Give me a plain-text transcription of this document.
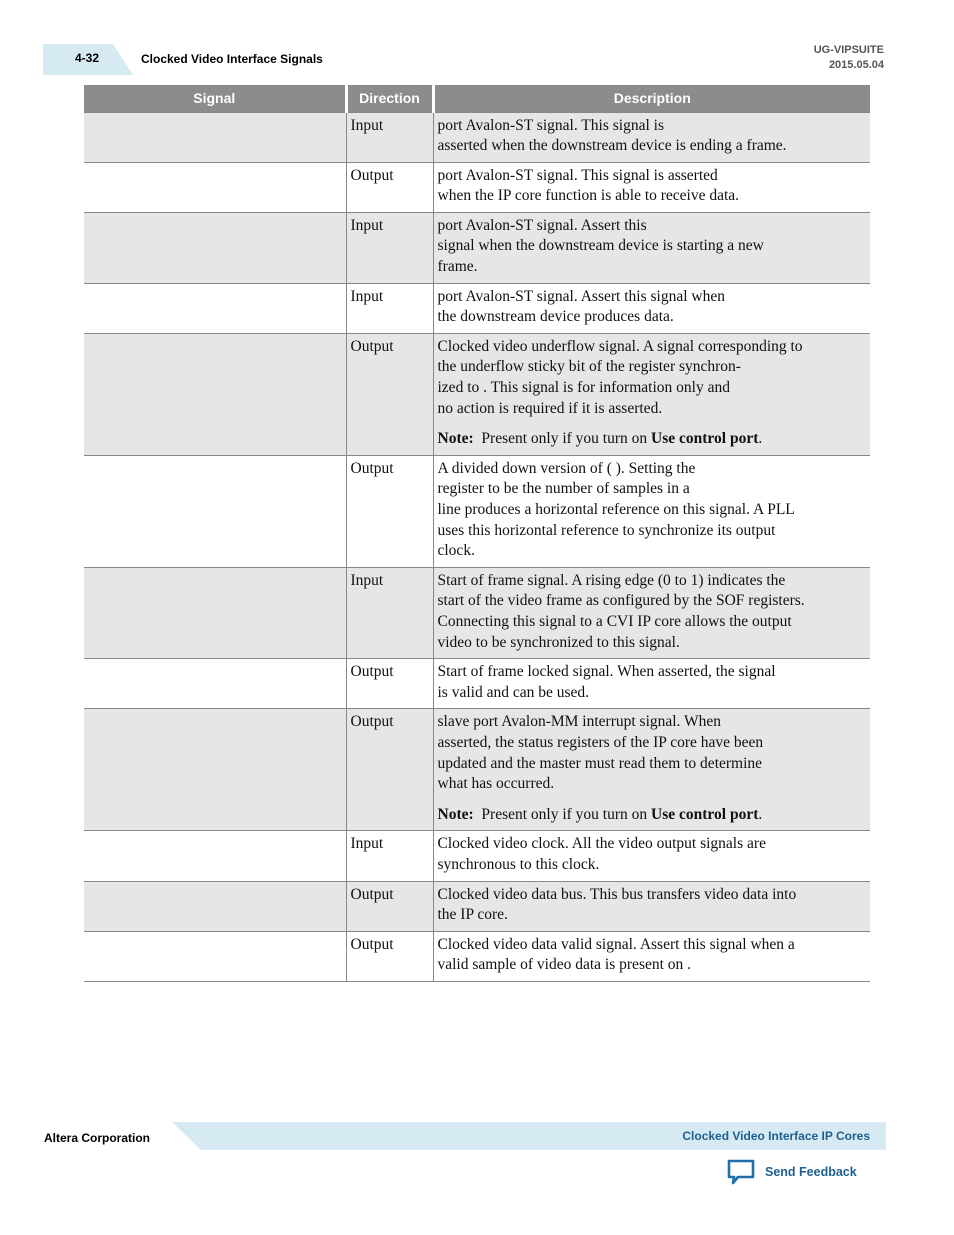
4-32	Clocked Video Interface Signals
UG-VIPSUITE
2015.05.04
Signal	Direction	Description
	Input	port Avalon-ST signal. This signal is
asserted when the downstream device is ending a frame.

	Output	port Avalon-ST signal. This signal is asserted
when the IP core function is able to receive data.

	Input	port Avalon-ST signal. Assert this
signal when the downstream device is starting a new
frame.

	Input	port Avalon-ST signal. Assert this signal when
the downstream device produces data.

	Output	Clocked video underflow signal. A signal corresponding to
the underflow sticky bit of the register synchron-
ized to . This signal is for information only and
no action is required if it is asserted.
Note: Present only if you turn on Use control port.

	Output	A divided down version of ( ). Setting the
register to be the number of samples in a
line produces a horizontal reference on this signal. A PLL
uses this horizontal reference to synchronize its output
clock.

	Input	Start of frame signal. A rising edge (0 to 1) indicates the
start of the video frame as configured by the SOF registers.
Connecting this signal to a CVI IP core allows the output
video to be synchronized to this signal.

	Output	Start of frame locked signal. When asserted, the signal
is valid and can be used.

	Output	slave port Avalon-MM interrupt signal. When
asserted, the status registers of the IP core have been
updated and the master must read them to determine
what has occurred.
Note: Present only if you turn on Use control port.

	Input	Clocked video clock. All the video output signals are
synchronous to this clock.

	Output	Clocked video data bus. This bus transfers video data into
the IP core.

	Output	Clocked video data valid signal. Assert this signal when a
valid sample of video data is present on .
Altera Corporation	Clocked Video Interface IP Cores
Send Feedback
